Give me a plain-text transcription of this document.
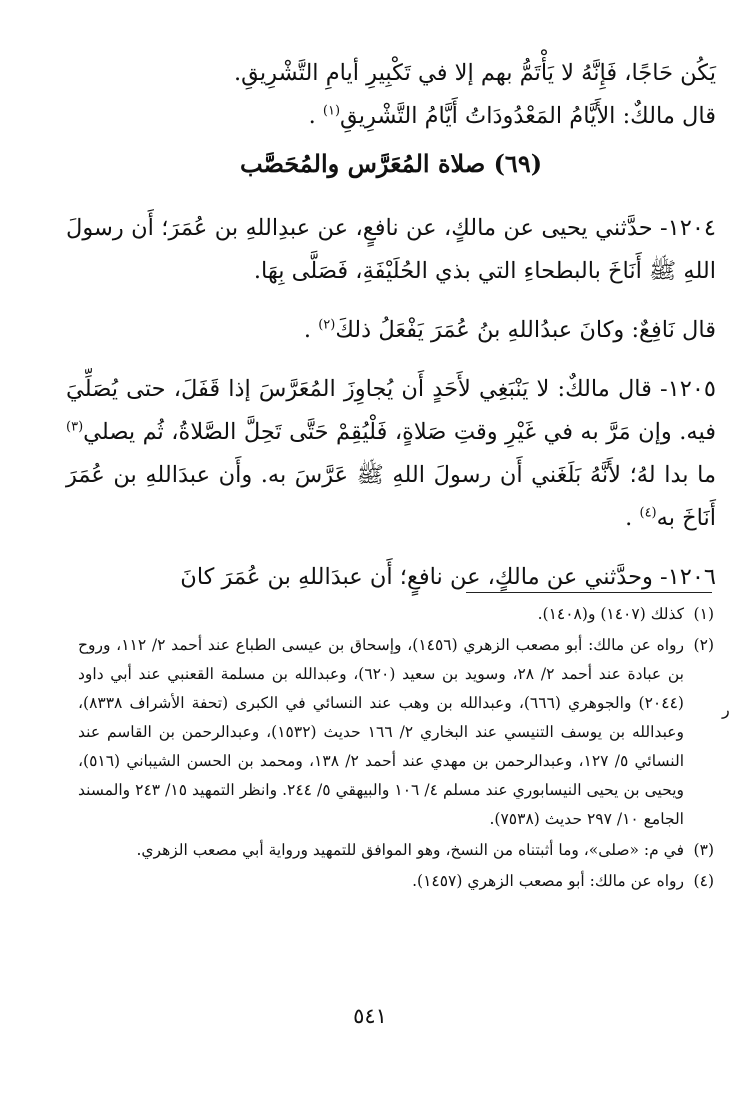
يَكُن حَاجًا، فَإِنَّهُ لا يَأْتَمُّ بهم إلا في تَكْبِيرِ أيامِ التَّشْرِيقِ.

قال مالكٌ: الأَيَّامُ المَعْدُودَاتُ أَيَّامُ التَّشْرِيقِ$^{(١)}$ .

(٦٩) صلاة المُعَرَّس والمُحَصَّب

١٢٠٤- حدَّثني يحيى عن مالكٍ، عن نافعٍ، عن عبدِاللهِ بن عُمَرَ؛ أَن رسولَ اللهِ ﷺ أَنَاخَ بالبطحاءِ التي بذي الحُلَيْفَةِ، فَصَلَّى بِهَا.

قال نَافِعٌ: وكانَ عبدُاللهِ بنُ عُمَرَ يَفْعَلُ ذلكَ$^{(٢)}$ .

١٢٠٥- قال مالكٌ: لا يَنْبَغِي لأَحَدٍ أَن يُجاوِزَ المُعَرَّسَ إذا قَفَلَ، حتى يُصَلِّيَ فيه. وإن مَرَّ به في غَيْرِ وقتِ صَلاةٍ، فَلْيُقِمْ حَتَّى تَحِلَّ الصَّلاةُ، ثُم يصلي$^{(٣)}$ ما بدا لهُ؛ لأَنَّهُ بَلَغَني أَن رسولَ اللهِ ﷺ عَرَّسَ به. وأَن عبدَاللهِ بن عُمَرَ أَنَاخَ به$^{(٤)}$ .

١٢٠٦- وحدَّثني عن مالكٍ، عن نافعٍ؛ أَن عبدَاللهِ بن عُمَرَ كانَ

(١)
كذلك (١٤٠٧) و(١٤٠٨).
(٢)
رواه عن مالك: أبو مصعب الزهري (١٤٥٦)، وإسحاق بن عيسى الطباع عند أحمد ٢/ ١١٢، وروح بن عبادة عند أحمد ٢/ ٢٨، وسويد بن سعيد (٦٢٠)، وعبدالله بن مسلمة القعنبي عند أبي داود (٢٠٤٤) والجوهري (٦٦٦)، وعبدالله بن وهب عند النسائي في الكبرى (تحفة الأشراف ٨٣٣٨)، وعبدالله بن يوسف التنيسي عند البخاري ٢/ ١٦٦ حديث (١٥٣٢)، وعبدالرحمن بن القاسم عند النسائي ٥/ ١٢٧، وعبدالرحمن بن مهدي عند أحمد ٢/ ١٣٨، ومحمد بن الحسن الشيباني (٥١٦)، ويحيى بن يحيى النيسابوري عند مسلم ٤/ ١٠٦ والبيهقي ٥/ ٢٤٤. وانظر التمهيد ١٥/ ٢٤٣ والمسند الجامع ١٠/ ٢٩٧ حديث (٧٥٣٨).
(٣)
في م: «صلى»، وما أثبتناه من النسخ، وهو الموافق للتمهيد ورواية أبي مصعب الزهري.
(٤)
رواه عن مالك: أبو مصعب الزهري (١٤٥٧).
ر
٥٤١
